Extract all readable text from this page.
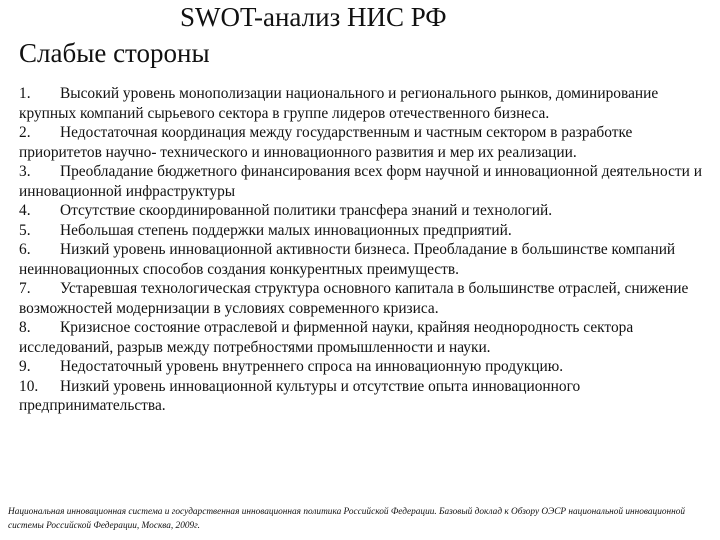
SWOT-анализ НИС РФ
Слабые стороны
1. Высокий уровень монополизации национального и регионального рынков, доминирование крупных компаний сырьевого сектора в группе лидеров отечественного бизнеса.
2. Недостаточная координация между государственным и частным сектором в разработке приоритетов научно- технического и инновационного развития и мер их реализации.
3. Преобладание бюджетного финансирования всех форм научной и инновационной деятельности и инновационной инфраструктуры
4. Отсутствие скоординированной политики трансфера знаний и технологий.
5. Небольшая степень поддержки малых инновационных предприятий.
6. Низкий уровень инновационной активности бизнеса. Преобладание в большинстве компаний неинновационных способов создания конкурентных преимуществ.
7. Устаревшая технологическая структура основного капитала в большинстве отраслей, снижение возможностей модернизации в условиях современного кризиса.
8. Кризисное состояние отраслевой и фирменной науки, крайняя неоднородность сектора исследований, разрыв между потребностями промышленности и науки.
9. Недостаточный уровень внутреннего спроса на инновационную продукцию.
10. Низкий уровень инновационной культуры и отсутствие опыта инновационного предпринимательства.
Национальная инновационная система и государственная инновационная политика Российской Федерации. Базовый доклад к Обзору ОЭСР национальной инновационной системы Российской Федерации, Москва, 2009г.
